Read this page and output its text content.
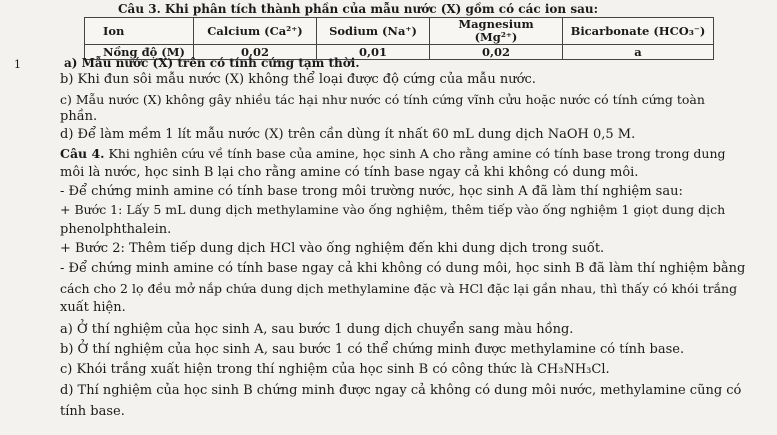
Câu 3. Khi phân tích thành phần của mẫu nước (X) gồm có các ion sau:
Ion	Calcium (Ca²⁺)	Sodium (Na⁺)	Magnesium (Mg²⁺)	Bicarbonate (HCO₃⁻)
Nồng độ (M)	0,02	0,01	0,02	a
1	a) Mẫu nước (X) trên có tính cứng tạm thời.
b) Khi đun sôi mẫu nước (X) không thể loại được độ cứng của mẫu nước.
c) Mẫu nước (X) không gây nhiều tác hại như nước có tính cứng vĩnh cửu hoặc nước có tính cứng toàn
phần.
d) Để làm mềm 1 lít mẫu nước (X) trên cần dùng ít nhất 60 mL dung dịch NaOH 0,5 M.
Câu 4. Khi nghiên cứu về tính base của amine, học sinh A cho rằng amine có tính base trong trong dung
môi là nước, học sinh B lại cho rằng amine có tính base ngay cả khi không có dung môi.
- Để chứng minh amine có tính base trong môi trường nước, học sinh A đã làm thí nghiệm sau:
+ Bước 1: Lấy 5 mL dung dịch methylamine vào ống nghiệm, thêm tiếp vào ống nghiệm 1 giọt dung dịch
phenolphthalein.
+ Bước 2: Thêm tiếp dung dịch HCl vào ống nghiệm đến khi dung dịch trong suốt.
- Để chứng minh amine có tính base ngay cả khi không có dung môi, học sinh B đã làm thí nghiệm bằng
cách cho 2 lọ đều mở nắp chứa dung dịch methylamine đặc và HCl đặc lại gần nhau, thì thấy có khói trắng
xuất hiện.
a) Ở thí nghiệm của học sinh A, sau bước 1 dung dịch chuyển sang màu hồng.
b) Ở thí nghiệm của học sinh A, sau bước 1 có thể chứng minh được methylamine có tính base.
c) Khói trắng xuất hiện trong thí nghiệm của học sinh B có công thức là CH₃NH₃Cl.
d) Thí nghiệm của học sinh B chứng minh được ngay cả không có dung môi nước, methylamine cũng có
tính base.
